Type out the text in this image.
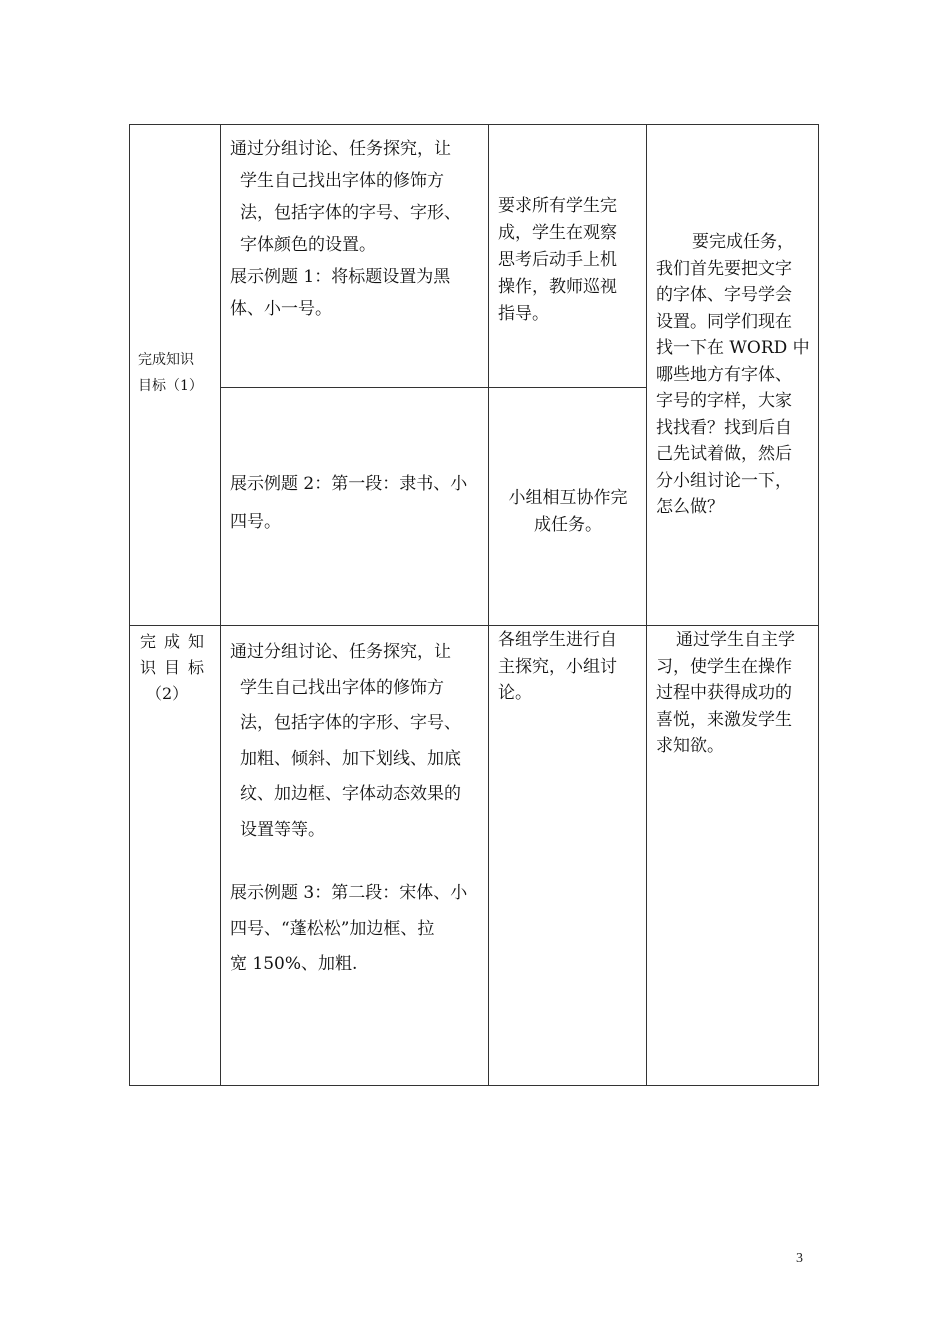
完成知识
目标（1）
通过分组讨论、任务探究，让
学生自己找出字体的修饰方
法，包括字体的字号、字形、
字体颜色的设置。
展示例题 1：将标题设置为黑
体、小一号。
要求所有学生完
成，学生在观察
思考后动手上机
操作，教师巡视
指导。
展示例题 2：第一段：隶书、小
四号。
小组相互协作完
成任务。
要完成任务，
我们首先要把文字
的字体、字号学会
设置。同学们现在
找一下在 WORD 中
哪些地方有字体、
字号的字样，大家
找找看？找到后自
己先试着做，然后
分小组讨论一下，
怎么做？
完成知
识目标
（2）
通过分组讨论、任务探究，让
学生自己找出字体的修饰方
法，包括字体的字形、字号、
加粗、倾斜、加下划线、加底
纹、加边框、字体动态效果的
设置等等。
展示例题 3：第二段：宋体、小
四号、“蓬松松”加边框、拉
宽 150%、加粗.
各组学生进行自
主探究，小组讨
论。
通过学生自主学
习，使学生在操作
过程中获得成功的
喜悦，来激发学生
求知欲。
3
